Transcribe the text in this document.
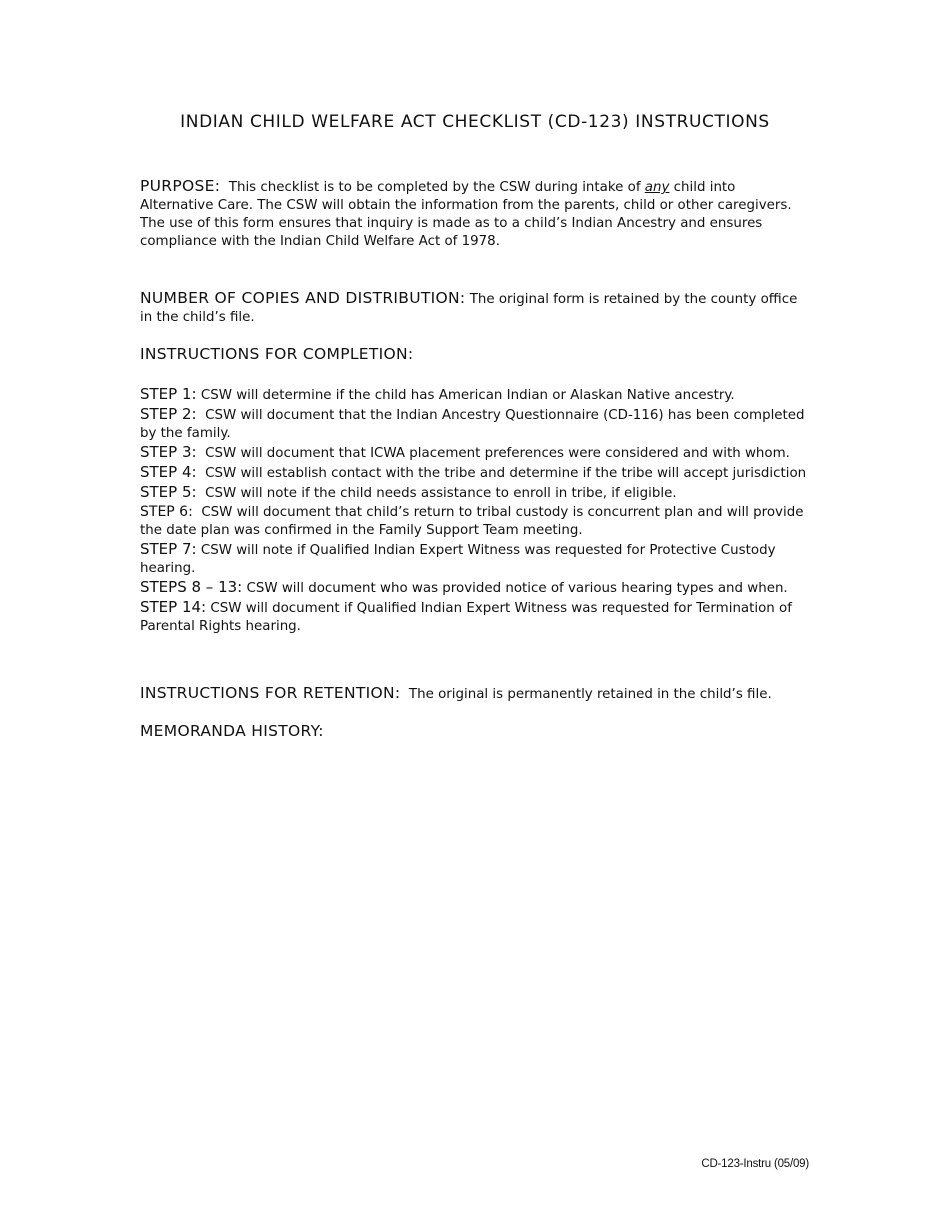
INDIAN CHILD WELFARE ACT CHECKLIST (CD-123) INSTRUCTIONS
PURPOSE: This checklist is to be completed by the CSW during intake of any child into Alternative Care. The CSW will obtain the information from the parents, child or other caregivers. The use of this form ensures that inquiry is made as to a child’s Indian Ancestry and ensures compliance with the Indian Child Welfare Act of 1978.
NUMBER OF COPIES AND DISTRIBUTION: The original form is retained by the county office in the child’s file.
INSTRUCTIONS FOR COMPLETION:

STEP 1: CSW will determine if the child has American Indian or Alaskan Native ancestry.

STEP 2: CSW will document that the Indian Ancestry Questionnaire (CD-116) has been completed by the family.

STEP 3: CSW will document that ICWA placement preferences were considered and with whom.

STEP 4: CSW will establish contact with the tribe and determine if the tribe will accept jurisdiction

STEP 5: CSW will note if the child needs assistance to enroll in tribe, if eligible.

STEP 6: CSW will document that child’s return to tribal custody is concurrent plan and will provide the date plan was confirmed in the Family Support Team meeting.

STEP 7: CSW will note if Qualified Indian Expert Witness was requested for Protective Custody hearing.

STEPS 8 – 13: CSW will document who was provided notice of various hearing types and when.

STEP 14: CSW will document if Qualified Indian Expert Witness was requested for Termination of Parental Rights hearing.

INSTRUCTIONS FOR RETENTION: The original is permanently retained in the child’s file.
MEMORANDA HISTORY:
CD-123-Instru (05/09)
